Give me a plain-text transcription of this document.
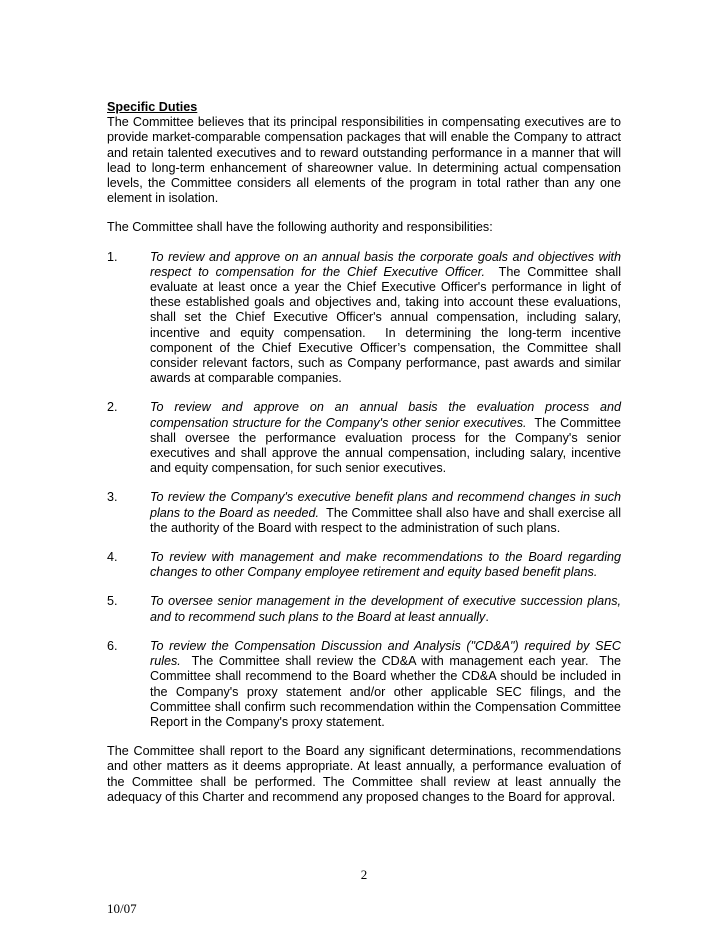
Specific Duties

The Committee believes that its principal responsibilities in compensating executives are to provide market-comparable compensation packages that will enable the Company to attract and retain talented executives and to reward outstanding performance in a manner that will lead to long-term enhancement of shareowner value. In determining actual compensation levels, the Committee considers all elements of the program in total rather than any one element in isolation.

The Committee shall have the following authority and responsibilities:

1.	To review and approve on an annual basis the corporate goals and objectives with respect to compensation for the Chief Executive Officer.  The Committee shall evaluate at least once a year the Chief Executive Officer's performance in light of these established goals and objectives and, taking into account these evaluations, shall set the Chief Executive Officer's annual compensation, including salary, incentive and equity compensation.  In determining the long-term incentive component of the Chief Executive Officer’s compensation, the Committee shall consider relevant factors, such as Company performance, past awards and similar awards at comparable companies.
2.	To review and approve on an annual basis the evaluation process and compensation structure for the Company's other senior executives.  The Committee shall oversee the performance evaluation process for the Company's senior executives and shall approve the annual compensation, including salary, incentive and equity compensation, for such senior executives.
3.	To review the Company's executive benefit plans and recommend changes in such plans to the Board as needed.  The Committee shall also have and shall exercise all the authority of the Board with respect to the administration of such plans.
4.	To review with management and make recommendations to the Board regarding changes to other Company employee retirement and equity based benefit plans.
5.	To oversee senior management in the development of executive succession plans, and to recommend such plans to the Board at least annually.
6.	To review the Compensation Discussion and Analysis ("CD&A") required by SEC rules.  The Committee shall review the CD&A with management each year.  The Committee shall recommend to the Board whether the CD&A should be included in the Company's proxy statement and/or other applicable SEC filings, and the Committee shall confirm such recommendation within the Compensation Committee Report in the Company's proxy statement.

The Committee shall report to the Board any significant determinations, recommendations and other matters as it deems appropriate. At least annually, a performance evaluation of the Committee shall be performed. The Committee shall review at least annually the adequacy of this Charter and recommend any proposed changes to the Board for approval.

2
10/07
